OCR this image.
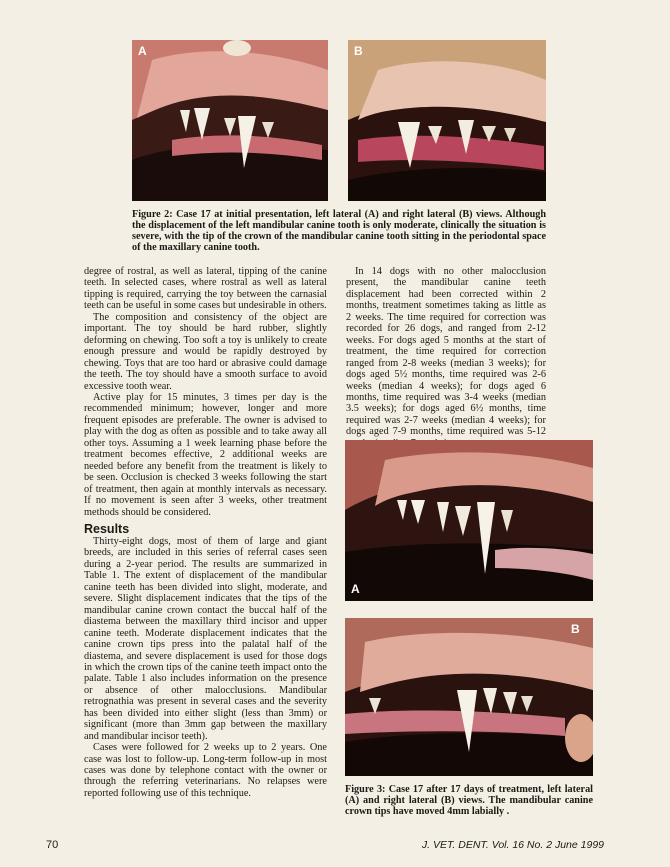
A	B

Figure 2: Case 17 at initial presentation, left lateral (A) and right lateral (B) views. Although the displacement of the left mandibular canine tooth is only moderate, clinically the situation is severe, with the tip of the crown of the mandibular canine tooth sitting in the periodontal space of the maxillary canine tooth.

degree of rostral, as well as lateral, tipping of the canine teeth. In selected cases, where rostral as well as lateral tipping is required, carrying the toy between the carnasial teeth can be useful in some cases but undesirable in others.

The composition and consistency of the object are important. The toy should be hard rubber, slightly deforming on chewing. Too soft a toy is unlikely to create enough pressure and would be rapidly destroyed by chewing. Toys that are too hard or abrasive could damage the teeth. The toy should have a smooth surface to avoid excessive tooth wear.

Active play for 15 minutes, 3 times per day is the recommended minimum; however, longer and more frequent episodes are preferable. The owner is advised to play with the dog as often as possible and to take away all other toys. Assuming a 1 week learning phase before the treatment becomes effective, 2 additional weeks are needed before any benefit from the treatment is likely to be seen. Occlusion is checked 3 weeks following the start of treatment, then again at monthly intervals as necessary. If no movement is seen after 3 weeks, other treatment methods should be considered.

Results

Thirty-eight dogs, most of them of large and giant breeds, are included in this series of referral cases seen during a 2-year period. The results are summarized in Table 1. The extent of displacement of the mandibular canine teeth has been divided into slight, moderate, and severe. Slight displacement indicates that the tips of the mandibular canine crown contact the buccal half of the diastema between the maxillary third incisor and upper canine teeth. Moderate displacement indicates that the canine crown tips press into the palatal half of the diastema, and severe displacement is used for those dogs in which the crown tips of the canine teeth impact onto the palate. Table 1 also includes information on the presence or absence of other malocclusions. Mandibular retrognathia was present in several cases and the severity has been divided into either slight (less than 3mm) or significant (more than 3mm gap between the maxillary and mandibular incisor teeth).

Cases were followed for 2 weeks up to 2 years. One case was lost to follow-up. Long-term follow-up in most cases was done by telephone contact with the owner or through the referring veterinarians. No relapses were reported following use of this technique.

In 14 dogs with no other malocclusion present, the mandibular canine teeth displacement had been corrected within 2 months, treatment sometimes taking as little as 2 weeks. The time required for correction was recorded for 26 dogs, and ranged from 2-12 weeks. For dogs aged 5 months at the start of treatment, the time required for correction ranged from 2-8 weeks (median 3 weeks); for dogs aged 5½ months, time required was 2-6 weeks (median 4 weeks); for dogs aged 6 months, time required was 3-4 weeks (median 3.5 weeks); for dogs aged 6½ months, time required was 2-7 weeks (median 4 weeks); for dogs aged 7-9 months, time required was 5-12

A
B

Figure 3: Case 17 after 17 days of treatment, left lateral (A) and right lateral (B) views. The mandibular canine crown tips have moved 4mm labially .

70	J. VET. DENT. Vol. 16 No. 2 June 1999
